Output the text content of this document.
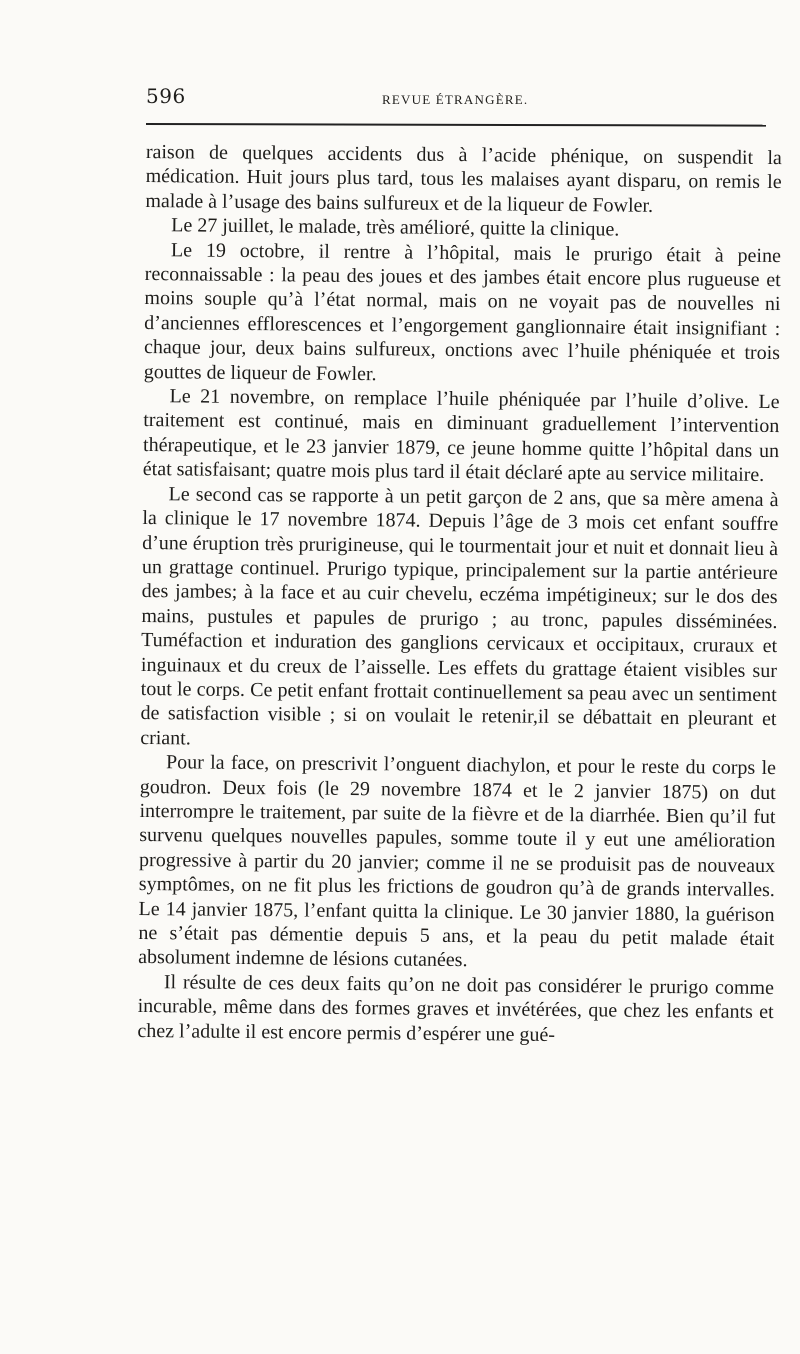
596	REVUE ÉTRANGÈRE.

raison de quelques accidents dus à l’acide phénique, on suspendit la médication. Huit jours plus tard, tous les malaises ayant disparu, on remis le malade à l’usage des bains sulfureux et de la liqueur de Fowler.

Le 27 juillet, le malade, très amélioré, quitte la clinique.

Le 19 octobre, il rentre à l’hôpital, mais le prurigo était à peine reconnaissable : la peau des joues et des jambes était encore plus rugueuse et moins souple qu’à l’état normal, mais on ne voyait pas de nouvelles ni d’anciennes efflorescences et l’engorgement ganglionnaire était insignifiant : chaque jour, deux bains sulfureux, onctions avec l’huile phéniquée et trois gouttes de liqueur de Fowler.

Le 21 novembre, on remplace l’huile phéniquée par l’huile d’olive. Le traitement est continué, mais en diminuant graduellement l’intervention thérapeutique, et le 23 janvier 1879, ce jeune homme quitte l’hôpital dans un état satisfaisant; quatre mois plus tard il était déclaré apte au service militaire.

Le second cas se rapporte à un petit garçon de 2 ans, que sa mère amena à la clinique le 17 novembre 1874. Depuis l’âge de 3 mois cet enfant souffre d’une éruption très prurigineuse, qui le tourmentait jour et nuit et donnait lieu à un grattage continuel. Prurigo typique, principalement sur la partie antérieure des jambes; à la face et au cuir chevelu, eczéma impétigineux; sur le dos des mains, pustules et papules de prurigo ; au tronc, papules disséminées. Tuméfaction et induration des ganglions cervicaux et occipitaux, cruraux et inguinaux et du creux de l’aisselle. Les effets du grattage étaient visibles sur tout le corps. Ce petit enfant frottait continuellement sa peau avec un sentiment de satisfaction visible ; si on voulait le retenir,il se débattait en pleurant et criant.

Pour la face, on prescrivit l’onguent diachylon, et pour le reste du corps le goudron. Deux fois (le 29 novembre 1874 et le 2 janvier 1875) on dut interrompre le traitement, par suite de la fièvre et de la diarrhée. Bien qu’il fut survenu quelques nouvelles papules, somme toute il y eut une amélioration progressive à partir du 20 janvier; comme il ne se produisit pas de nouveaux symptômes, on ne fit plus les frictions de goudron qu’à de grands intervalles. Le 14 janvier 1875, l’enfant quitta la clinique. Le 30 janvier 1880, la guérison ne s’était pas démentie depuis 5 ans, et la peau du petit malade était absolument indemne de lésions cutanées.

Il résulte de ces deux faits qu’on ne doit pas considérer le prurigo comme incurable, même dans des formes graves et invétérées, que chez les enfants et chez l’adulte il est encore permis d’espérer une gué-
